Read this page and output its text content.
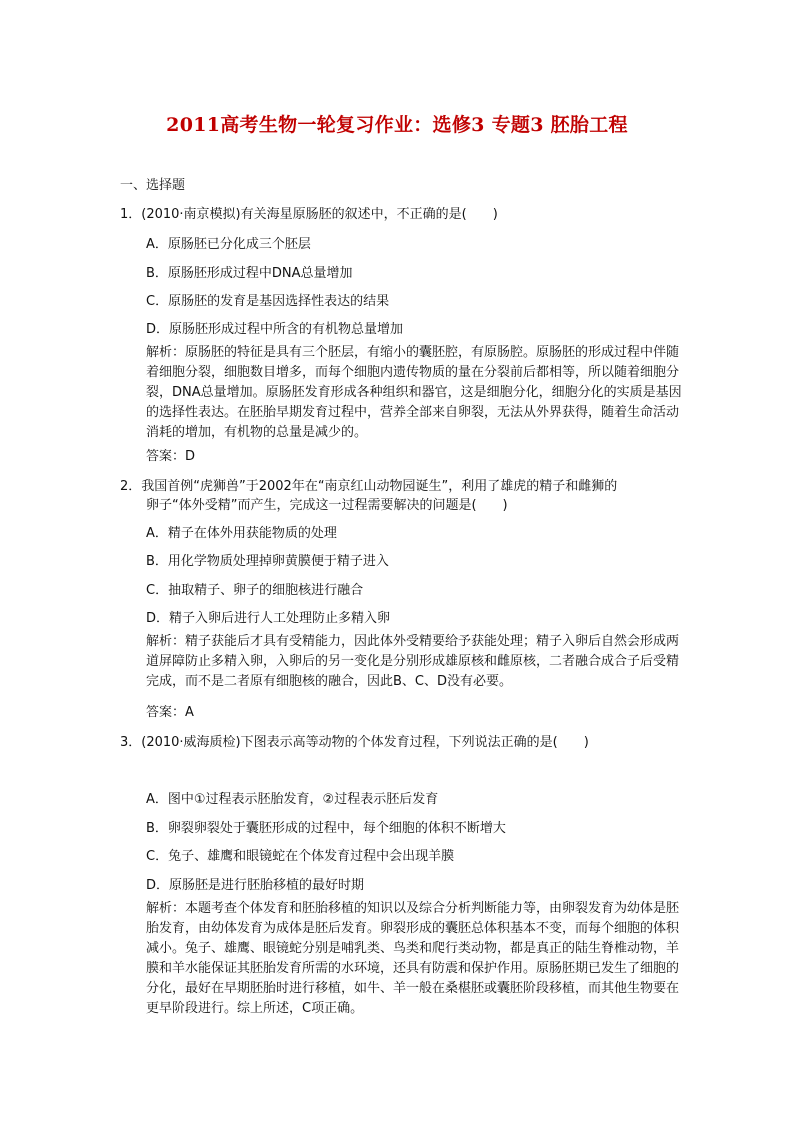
2011高考生物一轮复习作业：选修3 专题3 胚胎工程
一、选择题
1．(2010·南京模拟)有关海星原肠胚的叙述中，不正确的是(　　)
A．原肠胚已分化成三个胚层
B．原肠胚形成过程中DNA总量增加
C．原肠胚的发育是基因选择性表达的结果
D．原肠胚形成过程中所含的有机物总量增加
解析：原肠胚的特征是具有三个胚层，有缩小的囊胚腔，有原肠腔。原肠胚的形成过程中伴随着细胞分裂，细胞数目增多，而每个细胞内遗传物质的量在分裂前后都相等，所以随着细胞分裂，DNA总量增加。原肠胚发育形成各种组织和器官，这是细胞分化，细胞分化的实质是基因的选择性表达。在胚胎早期发育过程中，营养全部来自卵裂，无法从外界获得，随着生命活动消耗的增加，有机物的总量是减少的。
答案：D
2．我国首例“虎狮兽”于2002年在“南京红山动物园诞生”，利用了雄虎的精子和雌狮的
卵子“体外受精”而产生，完成这一过程需要解决的问题是(　　)
A．精子在体外用获能物质的处理
B．用化学物质处理掉卵黄膜便于精子进入
C．抽取精子、卵子的细胞核进行融合
D．精子入卵后进行人工处理防止多精入卵
解析：精子获能后才具有受精能力，因此体外受精要给予获能处理；精子入卵后自然会形成两道屏障防止多精入卵，入卵后的另一变化是分别形成雄原核和雌原核，二者融合成合子后受精完成，而不是二者原有细胞核的融合，因此B、C、D没有必要。
答案：A
3．(2010·威海质检)下图表示高等动物的个体发育过程，下列说法正确的是(　　)
A．图中①过程表示胚胎发育，②过程表示胚后发育
B．卵裂卵裂处于囊胚形成的过程中，每个细胞的体积不断增大
C．兔子、雄鹰和眼镜蛇在个体发育过程中会出现羊膜
D．原肠胚是进行胚胎移植的最好时期
解析：本题考查个体发育和胚胎移植的知识以及综合分析判断能力等，由卵裂发育为幼体是胚胎发育，由幼体发育为成体是胚后发育。卵裂形成的囊胚总体积基本不变，而每个细胞的体积减小。兔子、雄鹰、眼镜蛇分别是哺乳类、鸟类和爬行类动物，都是真正的陆生脊椎动物，羊膜和羊水能保证其胚胎发育所需的水环境，还具有防震和保护作用。原肠胚期已发生了细胞的分化，最好在早期胚胎时进行移植，如牛、羊一般在桑椹胚或囊胚阶段移植，而其他生物要在更早阶段进行。综上所述，C项正确。
